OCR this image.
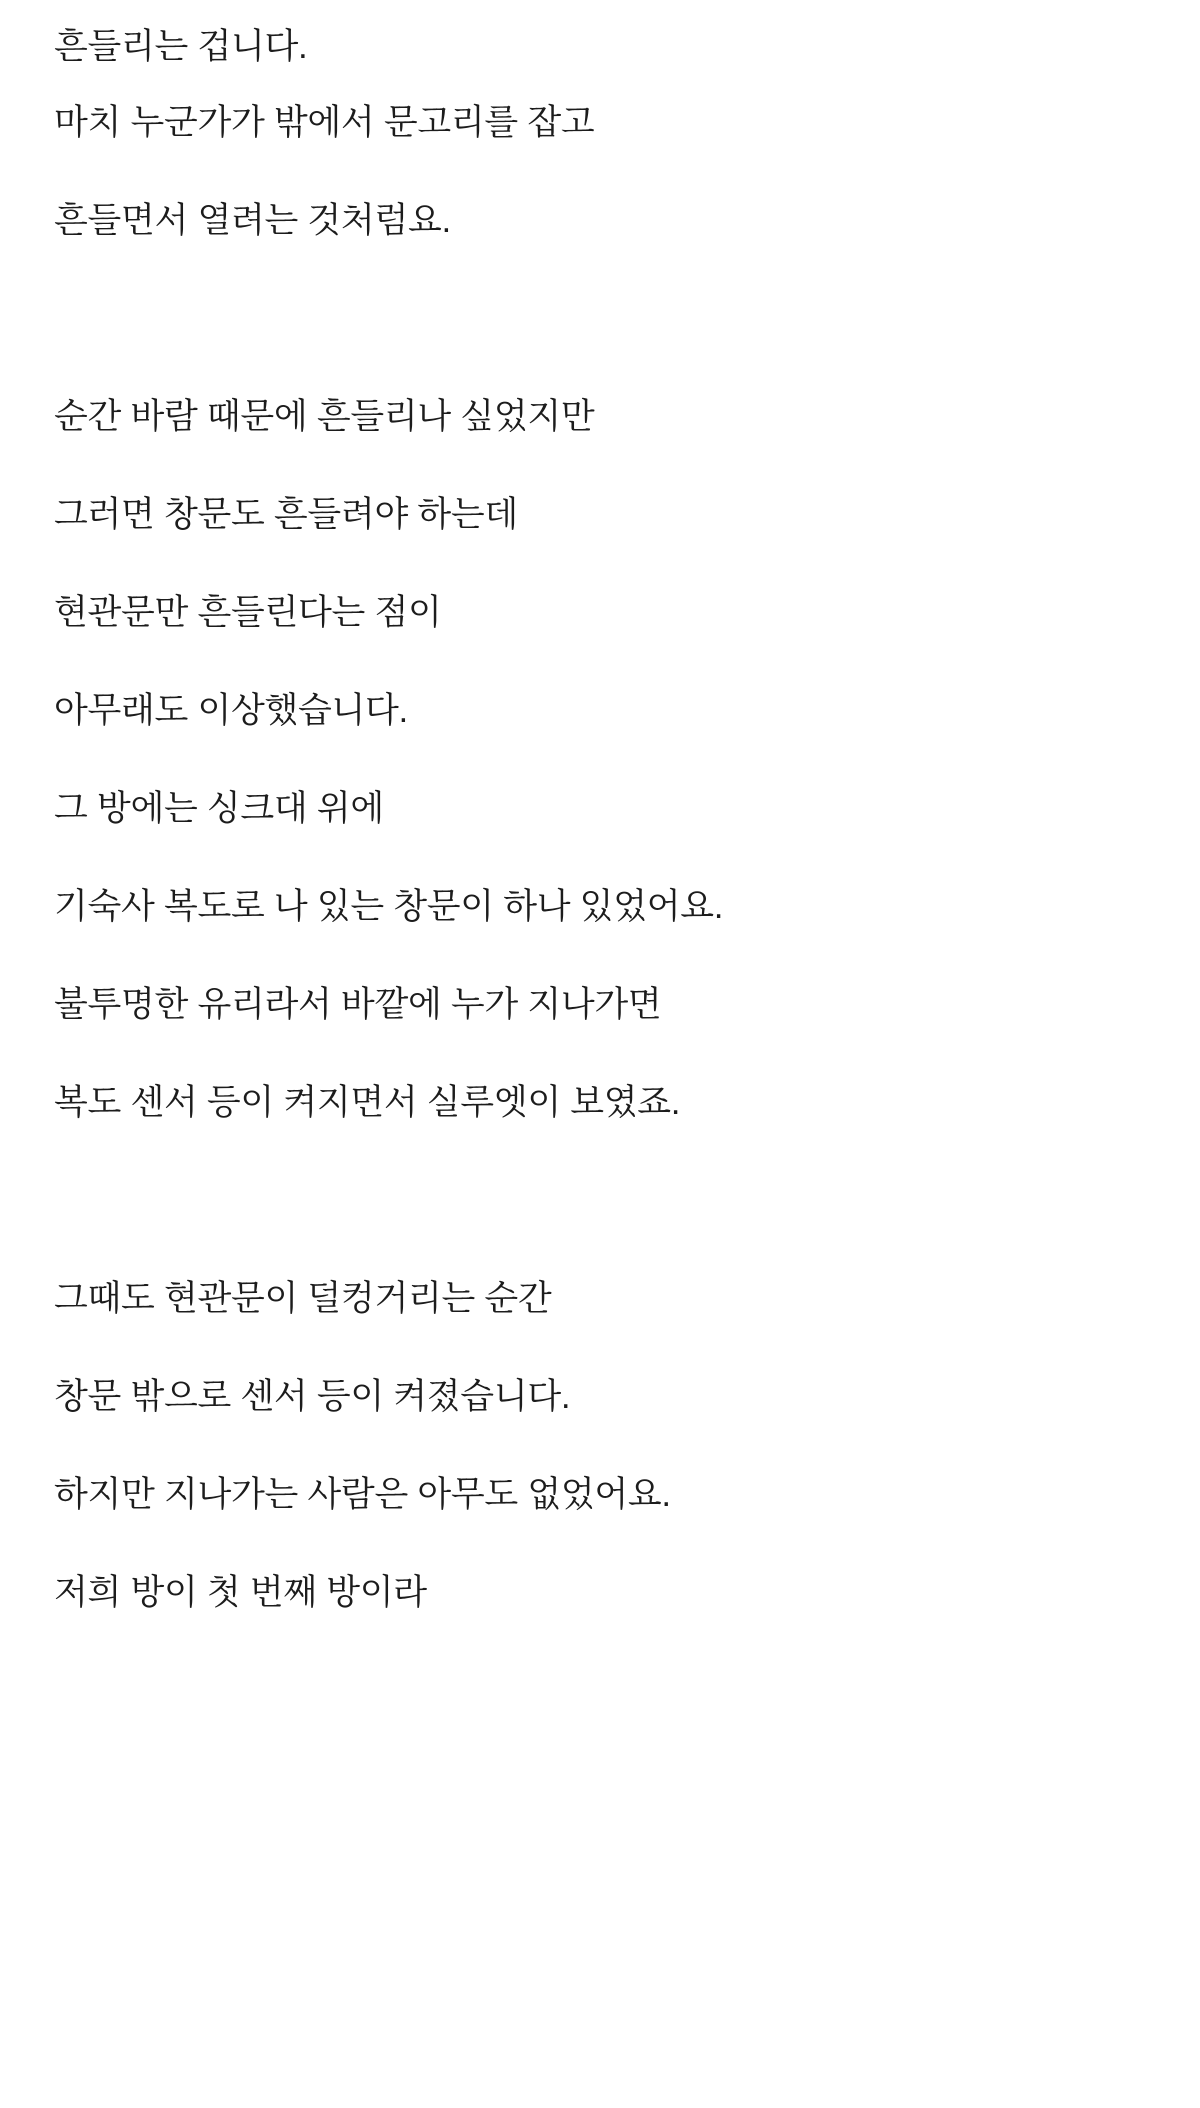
흔들리는 겁니다.

마치 누군가가 밖에서 문고리를 잡고

흔들면서 열려는 것처럼요.

순간 바람 때문에 흔들리나 싶었지만

그러면 창문도 흔들려야 하는데

현관문만 흔들린다는 점이

아무래도 이상했습니다.

그 방에는 싱크대 위에

기숙사 복도로 나 있는 창문이 하나 있었어요.

불투명한 유리라서 바깥에 누가 지나가면

복도 센서 등이 켜지면서 실루엣이 보였죠.

그때도 현관문이 덜컹거리는 순간

창문 밖으로 센서 등이 켜졌습니다.

하지만 지나가는 사람은 아무도 없었어요.

저희 방이 첫 번째 방이라
